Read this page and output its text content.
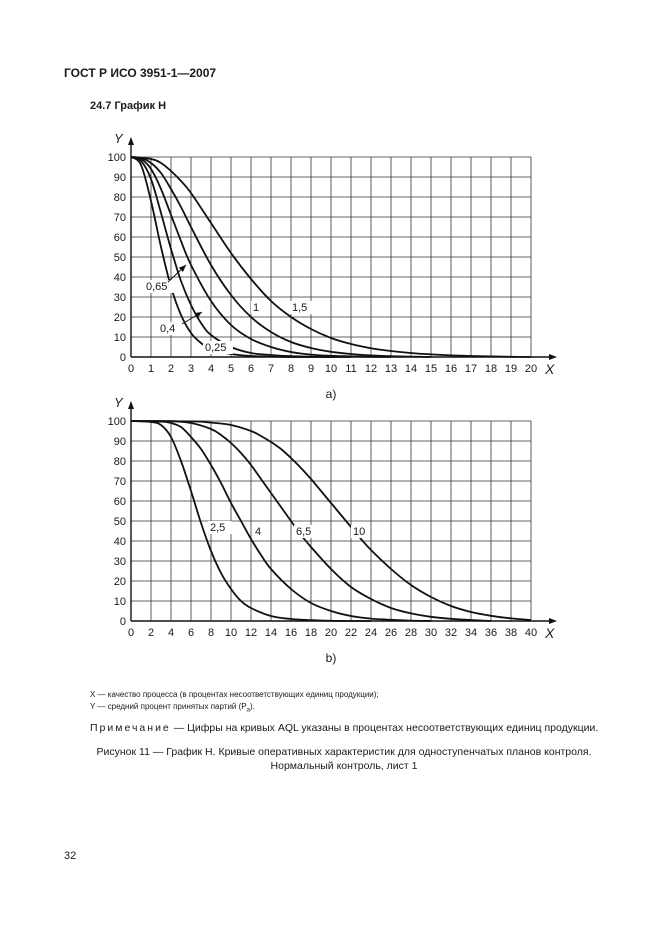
ГОСТ Р ИСО 3951-1—2007
24.7 График H
X
Y
0 1 2 3 4 5 6 7 8 9 10 11 12 13 14 15 16 17 18 19 20
0
10
20
30
40
50
60
70
80
90
100
0,65
0,4
0,25
1	1,5
a)
X
Y
0 2 4 6 8 10 12 14 16 18 20 22 24 26 28 30 32 34 36 38 40
0
10
20
30
40
50
60
70
80
90
100
2,5	4	6,5	10
b)
X — качество процесса (в процентах несоответствующих единиц продукции);
Y — средний процент принятых партий $(P_a)$.
Примечание — Цифры на кривых AQL указаны в процентах несоответствующих единиц продукции.
Рисунок 11 — График H. Кривые оперативных характеристик для одноступенчатых планов контроля.
Нормальный контроль, лист 1
32
